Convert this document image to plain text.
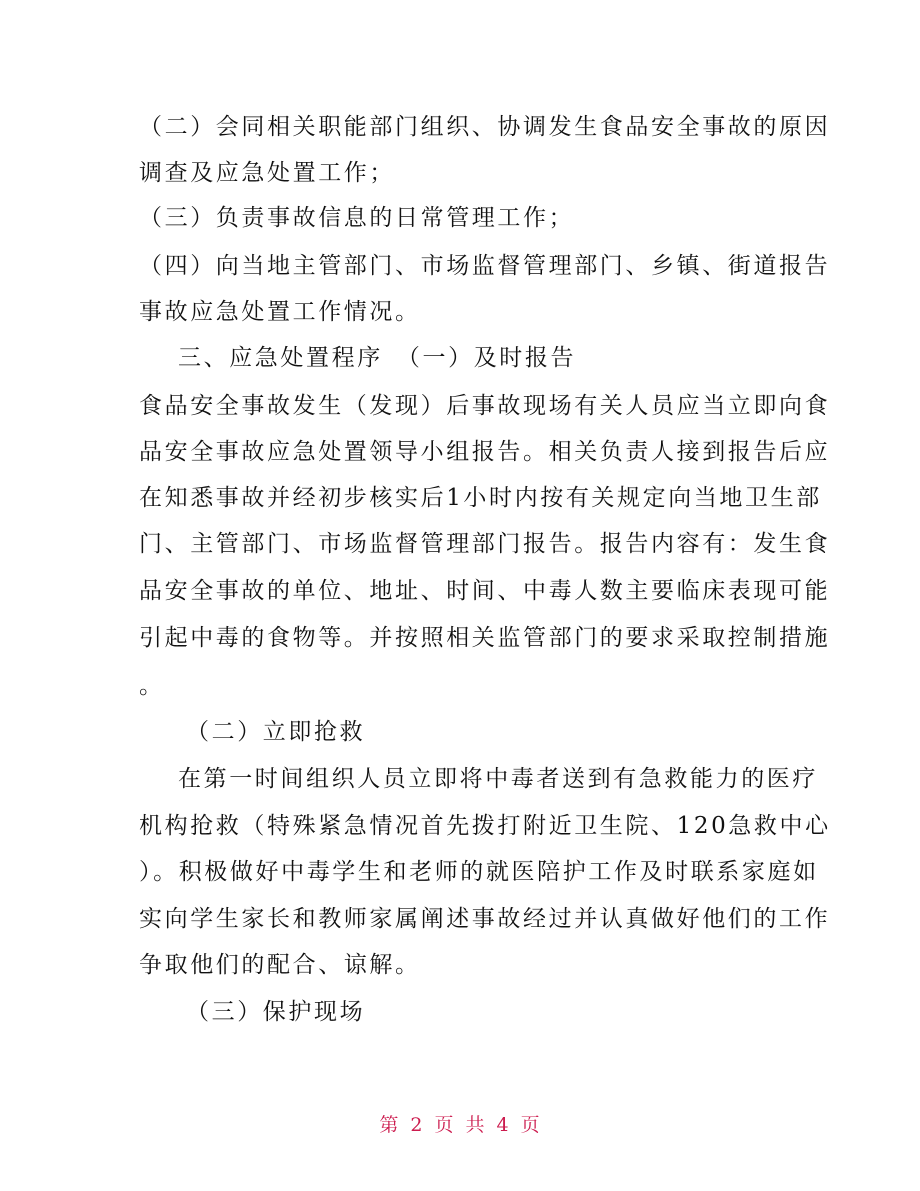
（二）会同相关职能部门组织、协调发生食品安全事故的原因
调查及应急处置工作；
（三）负责事故信息的日常管理工作；
（四）向当地主管部门、市场监督管理部门、乡镇、街道报告
事故应急处置工作情况。
三、应急处置程序　（一）及时报告
食品安全事故发生（发现）后事故现场有关人员应当立即向食
品安全事故应急处置领导小组报告。相关负责人接到报告后应
在知悉事故并经初步核实后1小时内按有关规定向当地卫生部
门、主管部门、市场监督管理部门报告。报告内容有：发生食
品安全事故的单位、地址、时间、中毒人数主要临床表现可能
引起中毒的食物等。并按照相关监管部门的要求采取控制措施
。
（二）立即抢救
在第一时间组织人员立即将中毒者送到有急救能力的医疗
机构抢救（特殊紧急情况首先拨打附近卫生院、120急救中心
）。积极做好中毒学生和老师的就医陪护工作及时联系家庭如
实向学生家长和教师家属阐述事故经过并认真做好他们的工作
争取他们的配合、谅解。
（三）保护现场
第 2 页 共 4 页
